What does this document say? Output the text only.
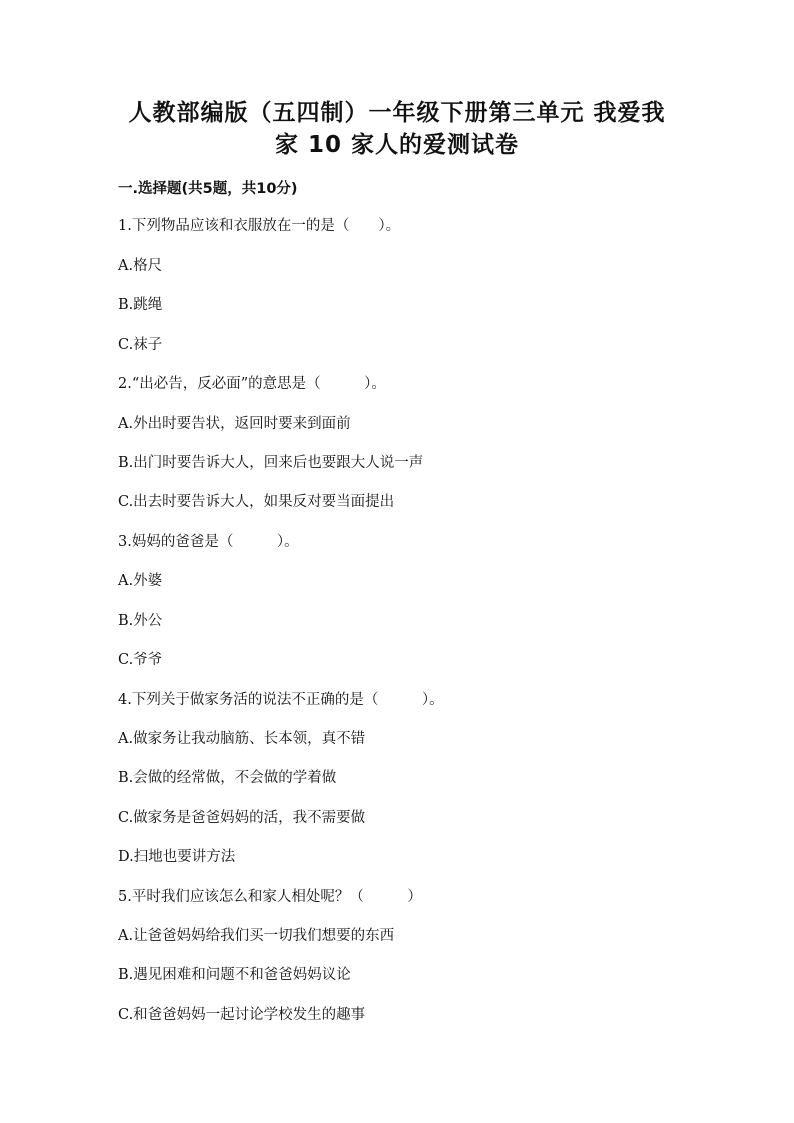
人教部编版（五四制）一年级下册第三单元 我爱我
家 10 家人的爱测试卷
一.选择题(共5题，共10分)
1.下列物品应该和衣服放在一的是（　　）。
A.格尺
B.跳绳
C.袜子
2.“出必告，反必面”的意思是（　　　）。
A.外出时要告状，返回时要来到面前
B.出门时要告诉大人，回来后也要跟大人说一声
C.出去时要告诉大人，如果反对要当面提出
3.妈妈的爸爸是（　　　）。
A.外婆
B.外公
C.爷爷
4.下列关于做家务活的说法不正确的是（　　　）。
A.做家务让我动脑筋、长本领，真不错
B.会做的经常做，不会做的学着做
C.做家务是爸爸妈妈的活，我不需要做
D.扫地也要讲方法
5.平时我们应该怎么和家人相处呢？（　　　）
A.让爸爸妈妈给我们买一切我们想要的东西
B.遇见困难和问题不和爸爸妈妈议论
C.和爸爸妈妈一起讨论学校发生的趣事
